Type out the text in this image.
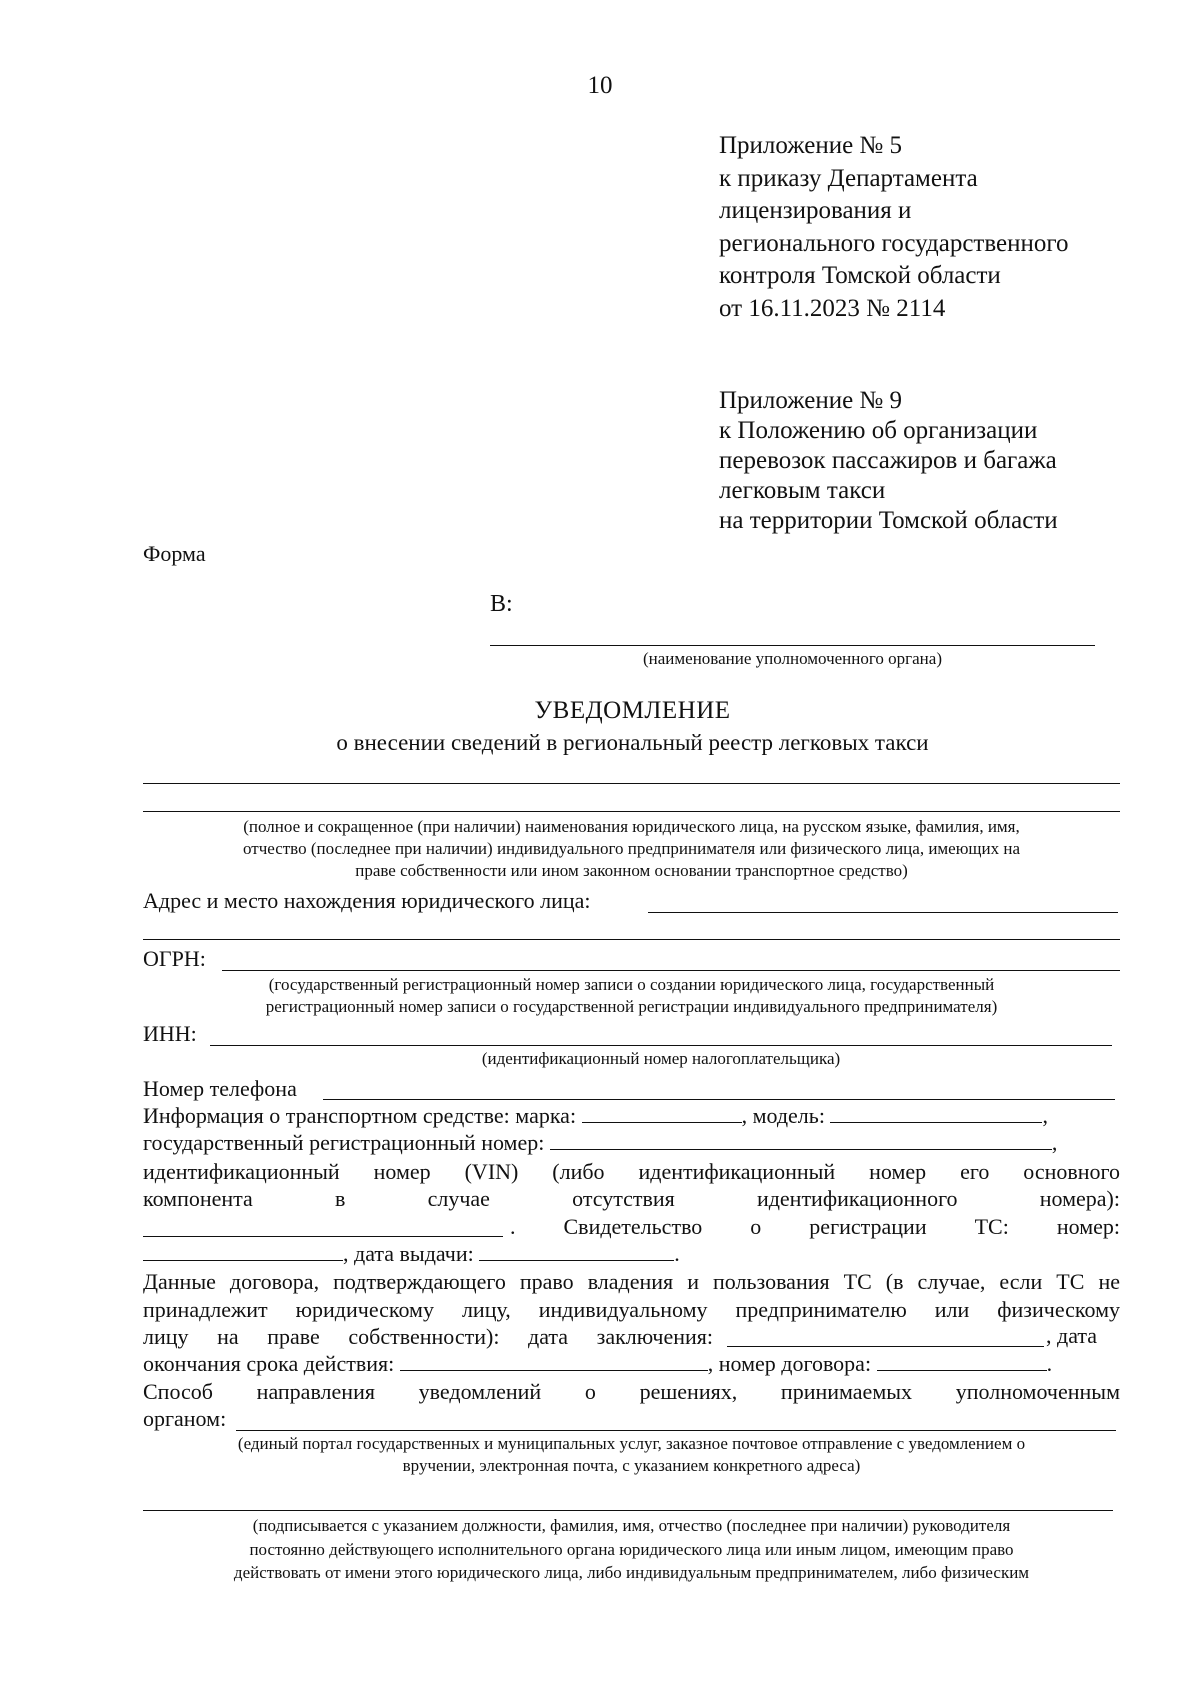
10
Приложение № 5
к приказу Департамента
лицензирования и
регионального государственного
контроля Томской области
от 16.11.2023 № 2114
Приложение № 9
к Положению об организации
перевозок пассажиров и багажа
легковым такси
на территории Томской области
Форма
В:
(наименование уполномоченного органа)
УВЕДОМЛЕНИЕ
о внесении сведений в региональный реестр легковых такси
(полное и сокращенное (при наличии) наименования юридического лица, на русском языке, фамилия, имя,
отчество (последнее при наличии) индивидуального предпринимателя или физического лица, имеющих на
праве собственности или ином законном основании транспортное средство)
Адрес и место нахождения юридического лица:
ОГРН:
(государственный регистрационный номер записи о создании юридического лица, государственный
регистрационный номер записи о государственной регистрации индивидуального предпринимателя)
ИНН:
(идентификационный номер налогоплательщика)
Номер телефона
Информация о транспортном средстве: марка:	, модель:	,
государственный регистрационный номер:	,
идентификационный номер (VIN) (либо идентификационный номер его основного
компонента в случае отсутствия идентификационного номера):
. Свидетельство о регистрации ТС: номер:
, дата выдачи:	.
Данные договора, подтверждающего право владения и пользования ТС (в случае, если ТС не
принадлежит юридическому лицу, индивидуальному предпринимателю или физическому
лицу на праве собственности): дата заключения:	, дата
окончания срока действия:	, номер договора:	.
Способ направления уведомлений о решениях, принимаемых уполномоченным
органом:
(единый портал государственных и муниципальных услуг, заказное почтовое отправление с уведомлением о
вручении, электронная почта, с указанием конкретного адреса)
(подписывается с указанием должности, фамилия, имя, отчество (последнее при наличии) руководителя
постоянно действующего исполнительного органа юридического лица или иным лицом, имеющим право
действовать от имени этого юридического лица, либо индивидуальным предпринимателем, либо физическим
